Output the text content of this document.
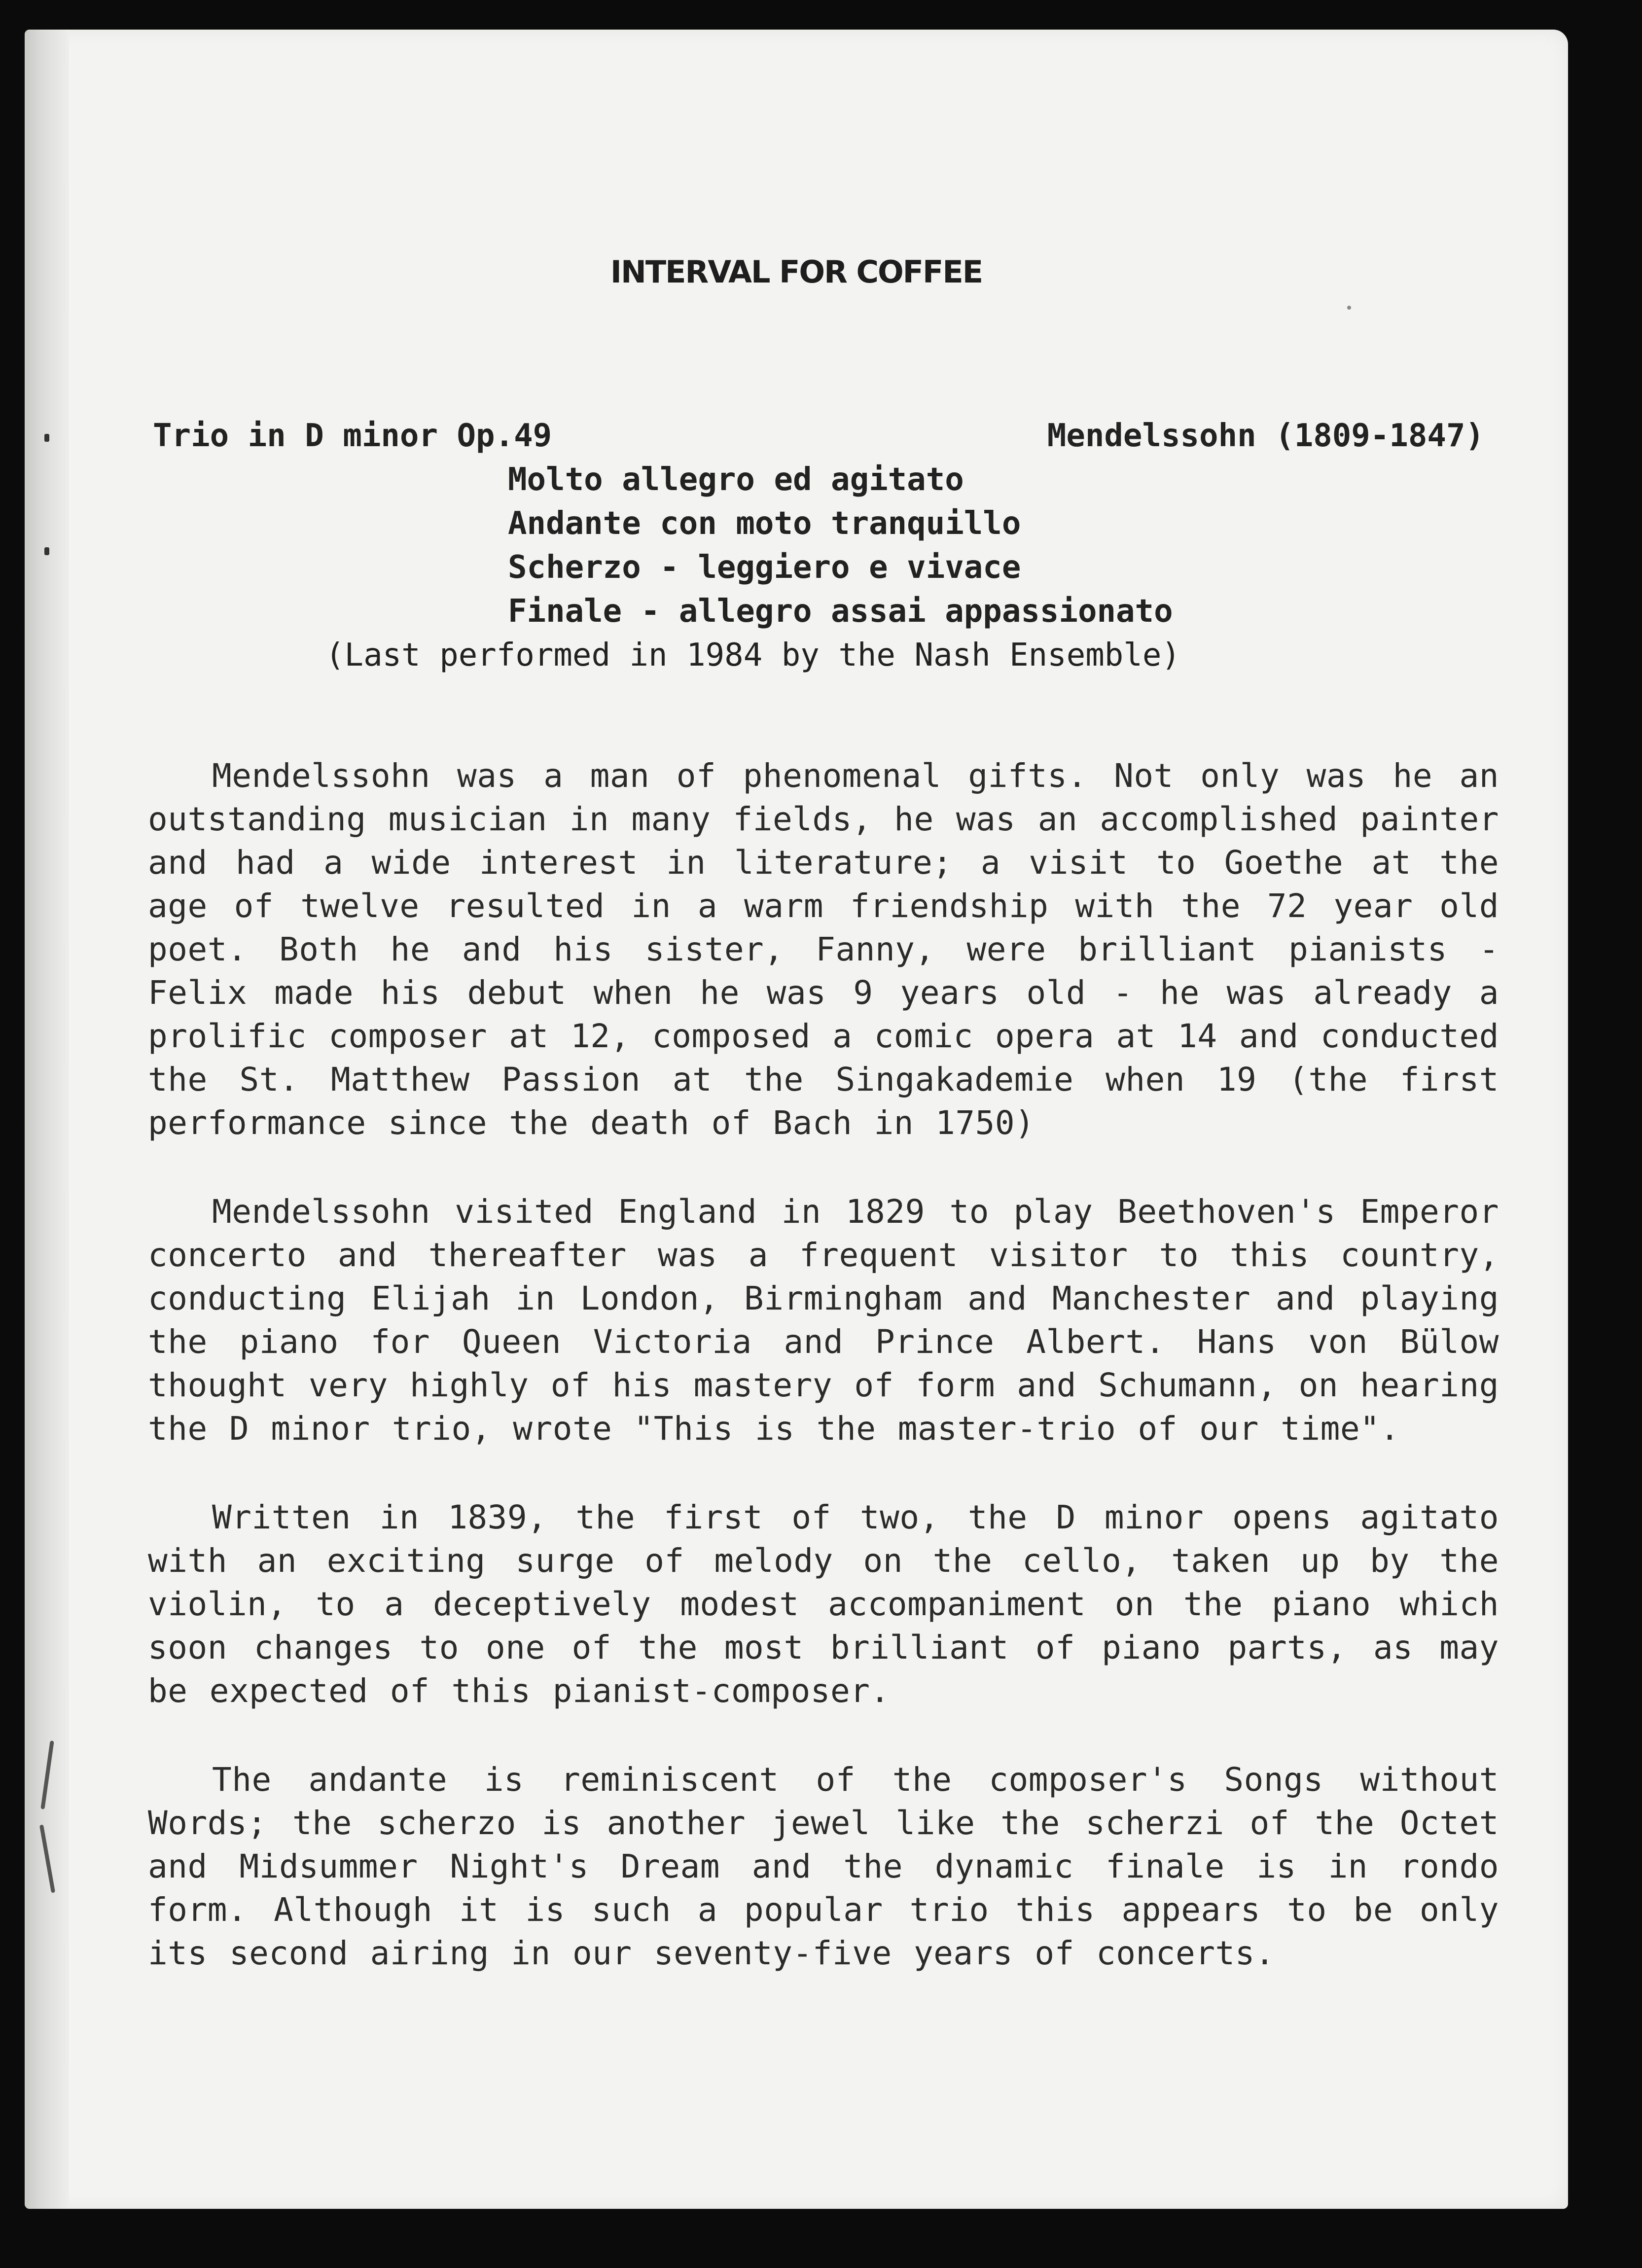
INTERVAL FOR COFFEE
Trio in D minor Op.49	Mendelssohn (1809-1847)
Molto allegro ed agitato
Andante con moto tranquillo
Scherzo - leggiero e vivace
Finale - allegro assai appassionato
(Last performed in 1984 by the Nash Ensemble)

Mendelssohn was a man of phenomenal gifts. Not only was he an outstanding musician in many fields, he was an accomplished painter and had a wide interest in literature; a visit to Goethe at the age of twelve resulted in a warm friendship with the 72 year old poet. Both he and his sister, Fanny, were brilliant pianists - Felix made his debut when he was 9 years old - he was already a prolific composer at 12, composed a comic opera at 14 and conducted the St. Matthew Passion at the Singakademie when 19 (the first performance since the death of Bach in 1750)

Mendelssohn visited England in 1829 to play Beethoven's Emperor concerto and thereafter was a frequent visitor to this country, conducting Elijah in London, Birmingham and Manchester and playing the piano for Queen Victoria and Prince Albert. Hans von Bülow thought very highly of his mastery of form and Schumann, on hearing the D minor trio, wrote "This is the master-trio of our time".

Written in 1839, the first of two, the D minor opens agitato with an exciting surge of melody on the cello, taken up by the violin, to a deceptively modest accompaniment on the piano which soon changes to one of the most brilliant of piano parts, as may be expected of this pianist-composer.

The andante is reminiscent of the composer's Songs without Words; the scherzo is another jewel like the scherzi of the Octet and Midsummer Night's Dream and the dynamic finale is in rondo form. Although it is such a popular trio this appears to be only its second airing in our seventy-five years of concerts.
